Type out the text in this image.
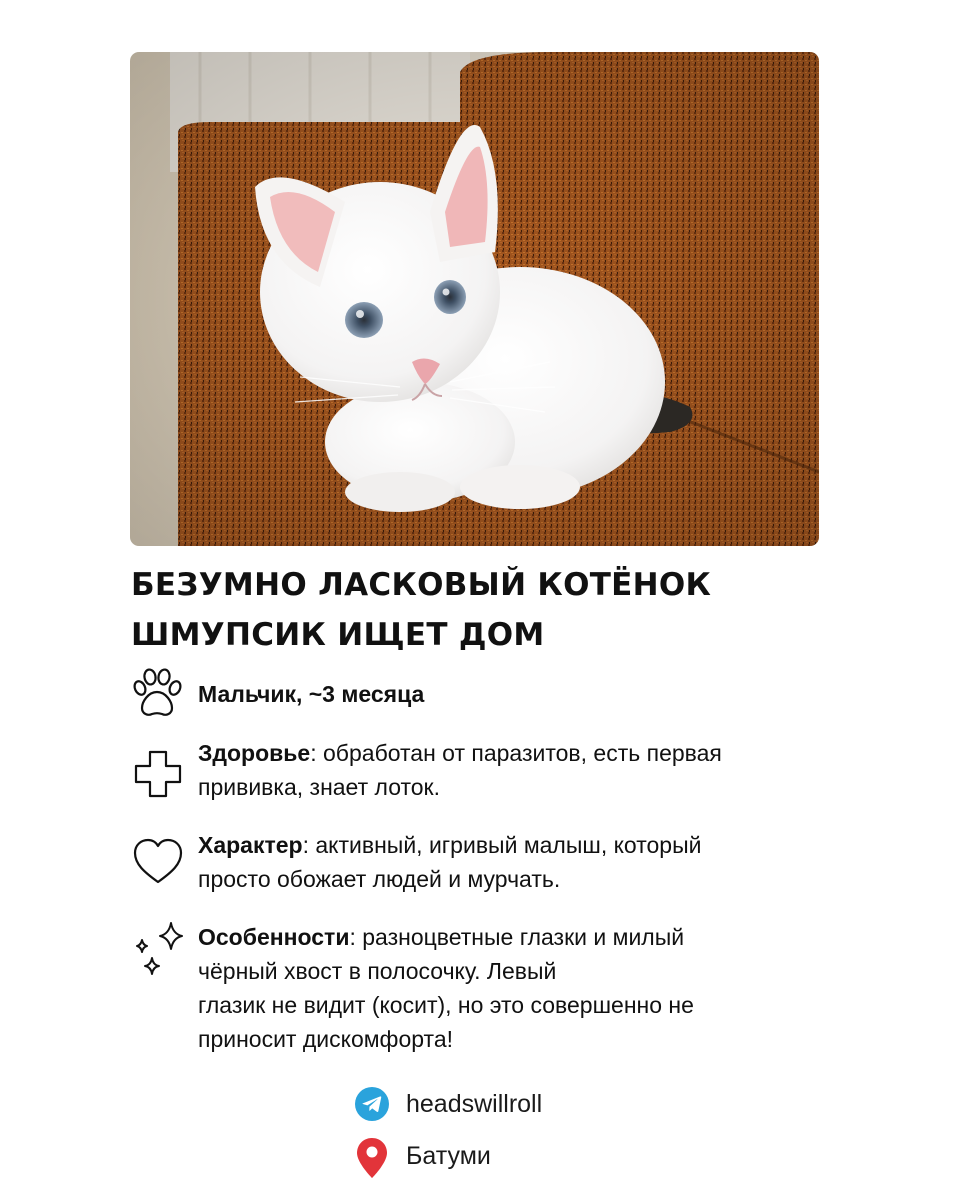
БЕЗУМНО ЛАСКОВЫЙ КОТЁНОК
ШМУПСИК ИЩЕТ ДОМ

Мальчик, ~3 месяца

Здоровье: обработан от паразитов, есть первая
прививка, знает лоток.

Характер: активный, игривый малыш, который
просто обожает людей и мурчать.

Особенности: разноцветные глазки и милый
чёрный хвост в полосочку. Левый
глазик не видит (косит), но это совершенно не
приносит дискомфорта!

headswillroll
Батуми
